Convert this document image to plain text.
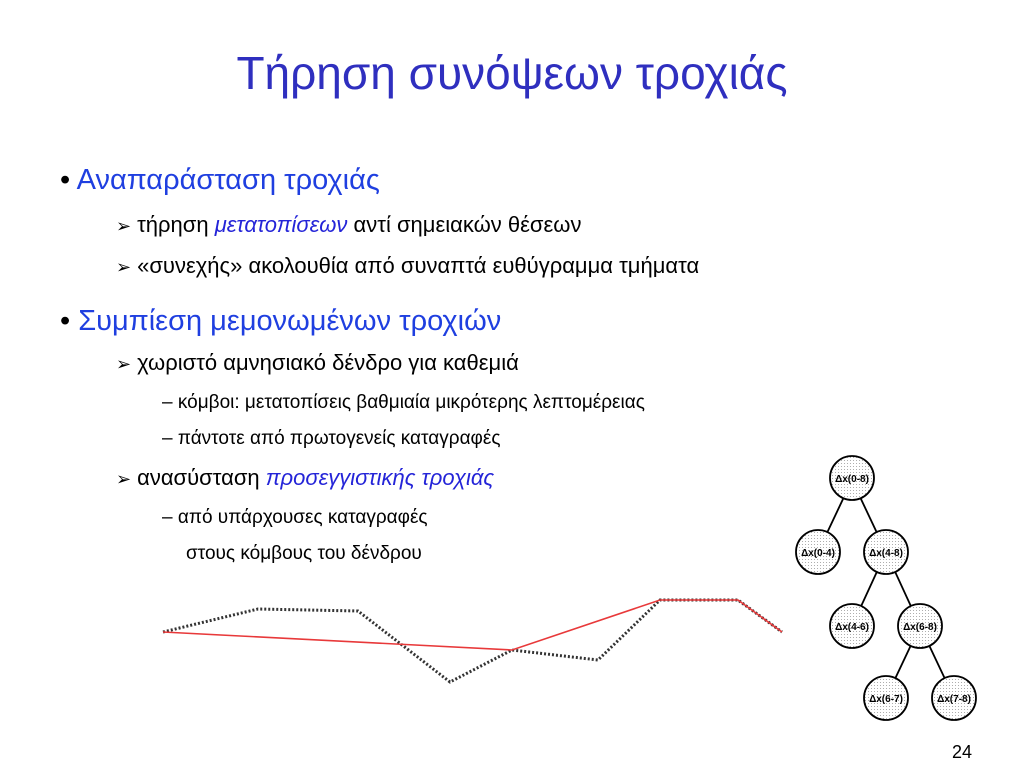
Τήρηση συνόψεων τροχιάς
• Αναπαράσταση τροχιάς
➢ τήρηση μετατοπίσεων αντί σημειακών θέσεων
➢ «συνεχής» ακολουθία από συναπτά ευθύγραμμα τμήματα
• Συμπίεση μεμονωμένων τροχιών
➢ χωριστό αμνησιακό δένδρο για καθεμιά
– κόμβοι: μετατοπίσεις βαθμιαία μικρότερης λεπτομέρειας
– πάντοτε από πρωτογενείς καταγραφές
➢ ανασύσταση προσεγγιστικής τροχιάς
– από υπάρχουσες καταγραφές
στους κόμβους του δένδρου
Δx(0-8)
Δx(0-4)	Δx(4-8)
Δx(4-6)	Δx(6-8)
Δx(6-7)	Δx(7-8)
24
